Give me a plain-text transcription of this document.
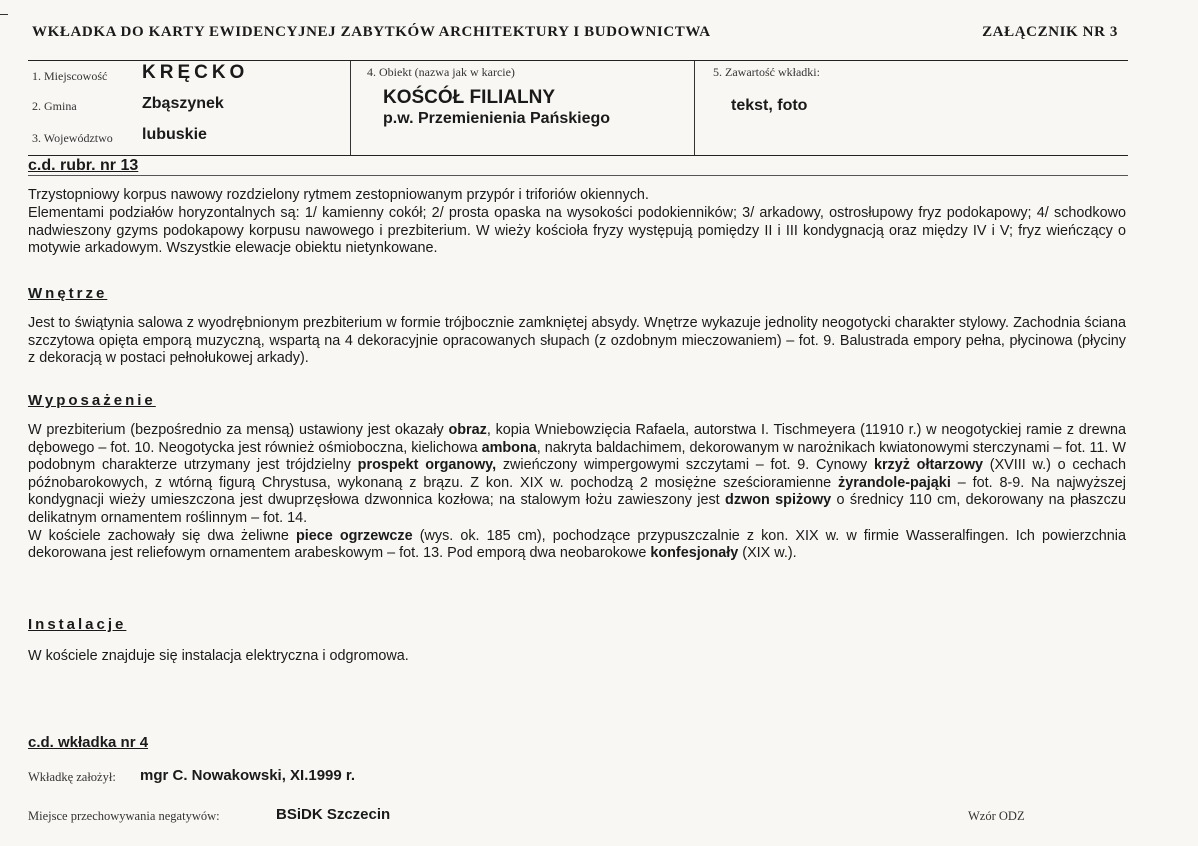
WKŁADKA DO KARTY EWIDENCYJNEJ ZABYTKÓW ARCHITEKTURY I BUDOWNICTWA	ZAŁĄCZNIK NR 3
1. Miejscowość KRĘCKO
2. Gmina	Zbąszynek
3. Województwo lubuskie
4. Obiekt (nazwa jak w karcie)
KOŚCÓŁ FILIALNY
p.w. Przemienienia Pańskiego
5. Zawartość wkładki:
tekst, foto
c.d. rubr. nr 13
Trzystopniowy korpus nawowy rozdzielony rytmem zestopniowanym przypór i triforiów okiennych.
Elementami podziałów horyzontalnych są: 1/ kamienny cokół; 2/ prosta opaska na wysokości podokienników; 3/ arkadowy, ostrosłupowy fryz podokapowy; 4/ schodkowo nadwieszony gzyms podokapowy korpusu nawowego i prezbiterium. W wieży kościoła fryzy występują pomiędzy II i III kondygnacją oraz między IV i V; fryz wieńczący o motywie arkadowym. Wszystkie elewacje obiektu nietynkowane.
Wnętrze
Jest to świątynia salowa z wyodrębnionym prezbiterium w formie trójbocznie zamkniętej absydy. Wnętrze wykazuje jednolity neogotycki charakter stylowy. Zachodnia ściana szczytowa opięta emporą muzyczną, wspartą na 4 dekoracyjnie opracowanych słupach (z ozdobnym mieczowaniem) – fot. 9. Balustrada empory pełna, płycinowa (płyciny z dekoracją w postaci pełnołukowej arkady).
Wyposażenie
W prezbiterium (bezpośrednio za mensą) ustawiony jest okazały obraz, kopia Wniebowzięcia Rafaela, autorstwa I. Tischmeyera (11910 r.) w neogotyckiej ramie z drewna dębowego – fot. 10. Neogotycka jest również ośmioboczna, kielichowa ambona, nakryta baldachimem, dekorowanym w narożnikach kwiatonowymi sterczynami – fot. 11. W podobnym charakterze utrzymany jest trójdzielny prospekt organowy, zwieńczony wimpergowymi szczytami – fot. 9. Cynowy krzyż ołtarzowy (XVIII w.) o cechach późnobarokowych, z wtórną figurą Chrystusa, wykonaną z brązu. Z kon. XIX w. pochodzą 2 mosiężne sześcioramienne żyrandole-pająki – fot. 8-9. Na najwyższej kondygnacji wieży umieszczona jest dwuprzęsłowa dzwonnica kozłowa; na stalowym łożu zawieszony jest dzwon spiżowy o średnicy 110 cm, dekorowany na płaszczu delikatnym ornamentem roślinnym – fot. 14.
W kościele zachowały się dwa żeliwne piece ogrzewcze (wys. ok. 185 cm), pochodzące przypuszczalnie z kon. XIX w. w firmie Wasseralfingen. Ich powierzchnia dekorowana jest reliefowym ornamentem arabeskowym – fot. 13. Pod emporą dwa neobarokowe konfesjonały (XIX w.).
Instalacje
W kościele znajduje się instalacja elektryczna i odgromowa.
c.d. wkładka nr 4
Wkładkę założył: mgr C. Nowakowski, XI.1999 r.
Miejsce przechowywania negatywów:	BSiDK Szczecin	Wzór ODZ
